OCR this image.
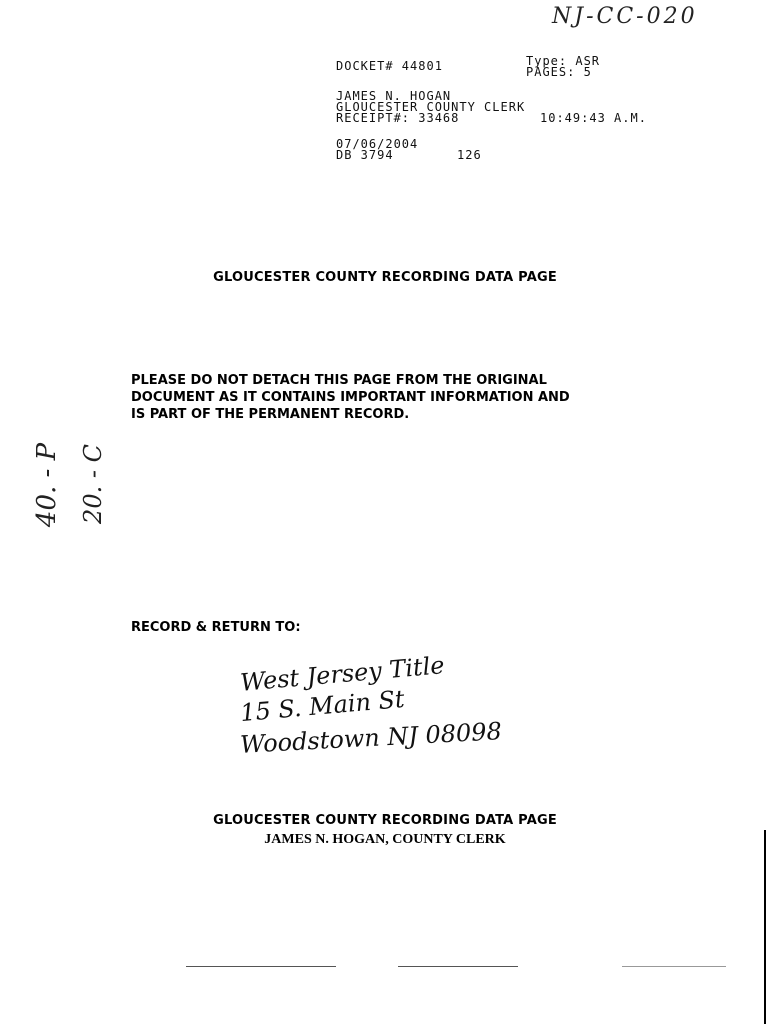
NJ-CC-020
DOCKET# 44801	Type: ASR
PAGES: 5
JAMES N. HOGAN
GLOUCESTER COUNTY CLERK
RECEIPT#: 33468	10:49:43 A.M.
07/06/2004
DB 3794	126
GLOUCESTER COUNTY RECORDING DATA PAGE
PLEASE DO NOT DETACH THIS PAGE FROM THE ORIGINAL
DOCUMENT AS IT CONTAINS IMPORTANT INFORMATION AND
IS PART OF THE PERMANENT RECORD.
40. - P 20. - C
RECORD & RETURN TO:
West Jersey Title
15 S. Main St
Woodstown NJ 08098
GLOUCESTER COUNTY RECORDING DATA PAGE
JAMES N. HOGAN, COUNTY CLERK
